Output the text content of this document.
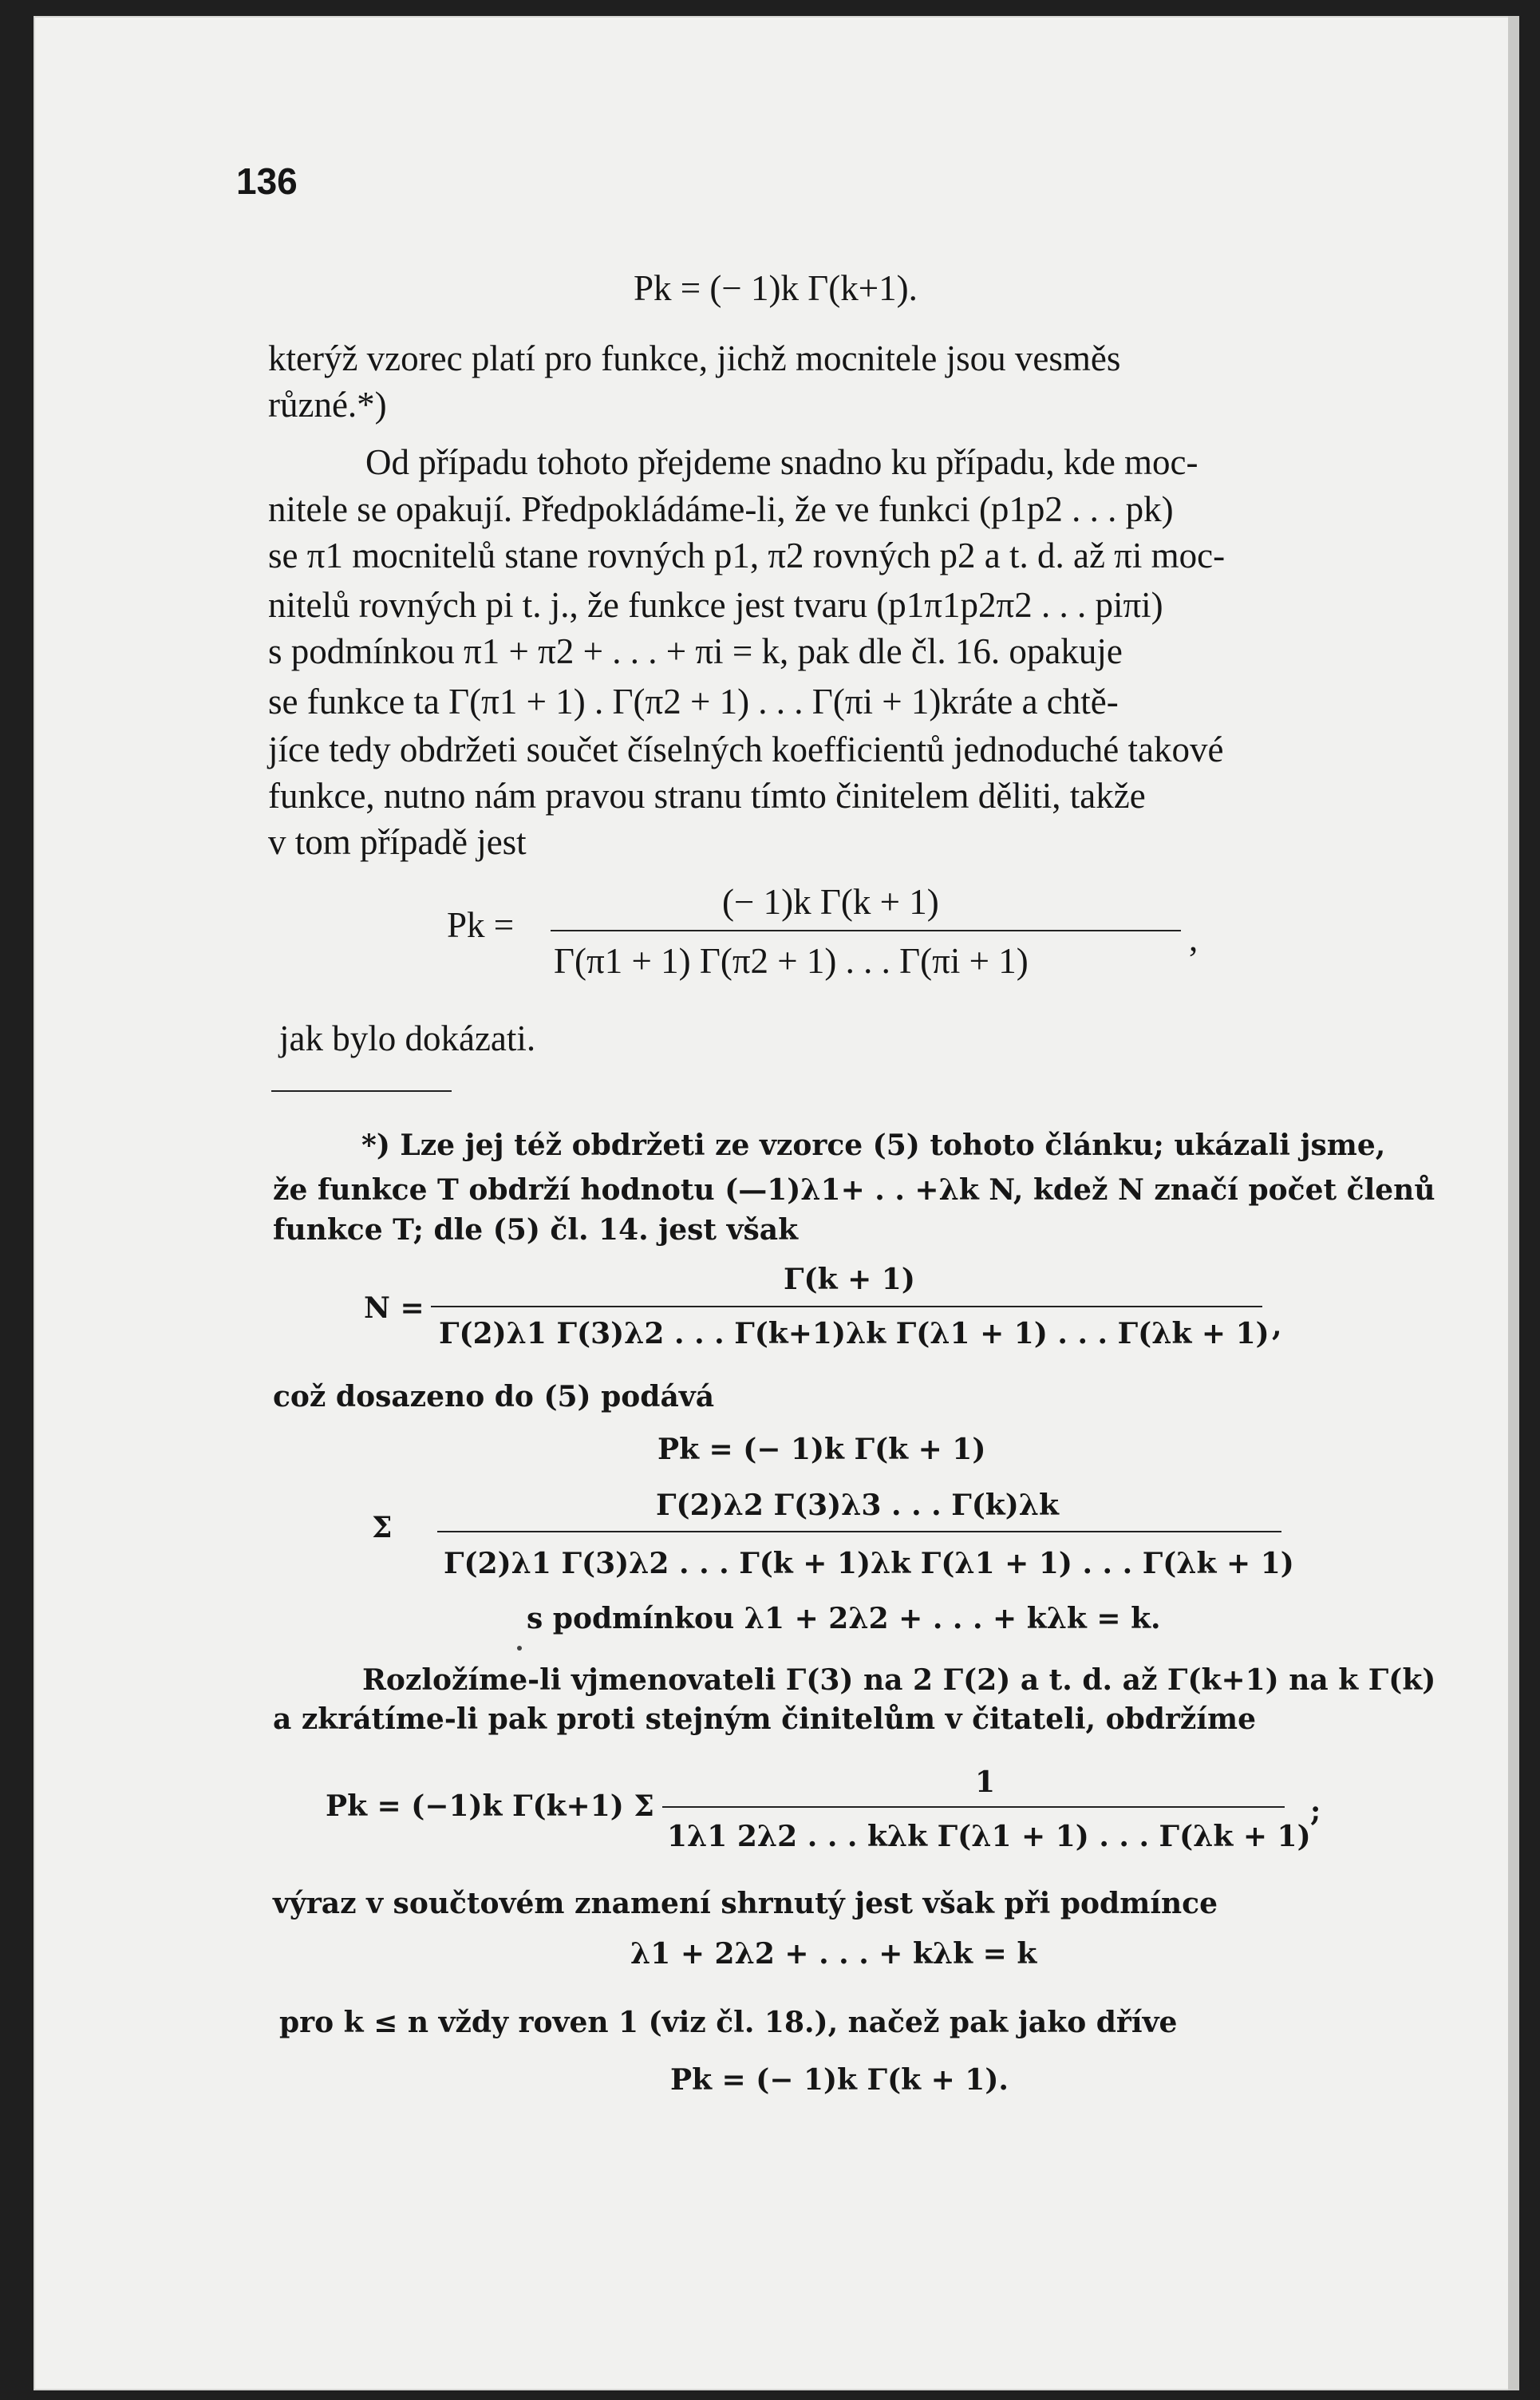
136
Pk = (− 1)k Γ(k+1).
kterýž vzorec platí pro funkce, jichž mocnitele jsou vesměs
různé.*)
Od případu tohoto přejdeme snadno ku případu, kde moc-
nitele se opakují. Předpokládáme-li, že ve funkci (p1p2 . . . pk)
se π1 mocnitelů stane rovných p1, π2 rovných p2 a t. d. až πi moc-
nitelů rovných pi t. j., že funkce jest tvaru (p1π1p2π2 . . . piπi)
s podmínkou π1 + π2 + . . . + πi = k, pak dle čl. 16. opakuje
se funkce ta Γ(π1 + 1) . Γ(π2 + 1) . . . Γ(πi + 1)kráte a chtě-
jíce tedy obdržeti součet číselných koefficientů jednoduché takové
funkce, nutno nám pravou stranu tímto činitelem děliti, takže
v tom případě jest
Pk =
(− 1)k Γ(k + 1)
Γ(π1 + 1) Γ(π2 + 1) . . . Γ(πi + 1)
,
jak bylo dokázati.
*) Lze jej též obdržeti ze vzorce (5) tohoto článku; ukázali jsme,
že funkce T obdrží hodnotu (—1)λ1+ . . +λk N, kdež N značí počet členů
funkce T; dle (5) čl. 14. jest však
N =
Γ(k + 1)
Γ(2)λ1 Γ(3)λ2 . . . Γ(k+1)λk Γ(λ1 + 1) . . . Γ(λk + 1) ,
což dosazeno do (5) podává
Pk = (− 1)k Γ(k + 1)
Σ
Γ(2)λ2 Γ(3)λ3 . . . Γ(k)λk
Γ(2)λ1 Γ(3)λ2 . . . Γ(k + 1)λk Γ(λ1 + 1) . . . Γ(λk + 1)
s podmínkou λ1 + 2λ2 + . . . + kλk = k.
Rozložíme-li vjmenovateli Γ(3) na 2 Γ(2) a t. d. až Γ(k+1) na k Γ(k)
a zkrátíme-li pak proti stejným činitelům v čitateli, obdržíme
Pk = (−1)k Γ(k+1) Σ
1
1λ1 2λ2 . . . kλk Γ(λ1 + 1) . . . Γ(λk + 1)
;
výraz v součtovém znamení shrnutý jest však při podmínce
λ1 + 2λ2 + . . . + kλk = k
pro k ≤ n vždy roven 1 (viz čl. 18.), načež pak jako dříve
Pk = (− 1)k Γ(k + 1).
